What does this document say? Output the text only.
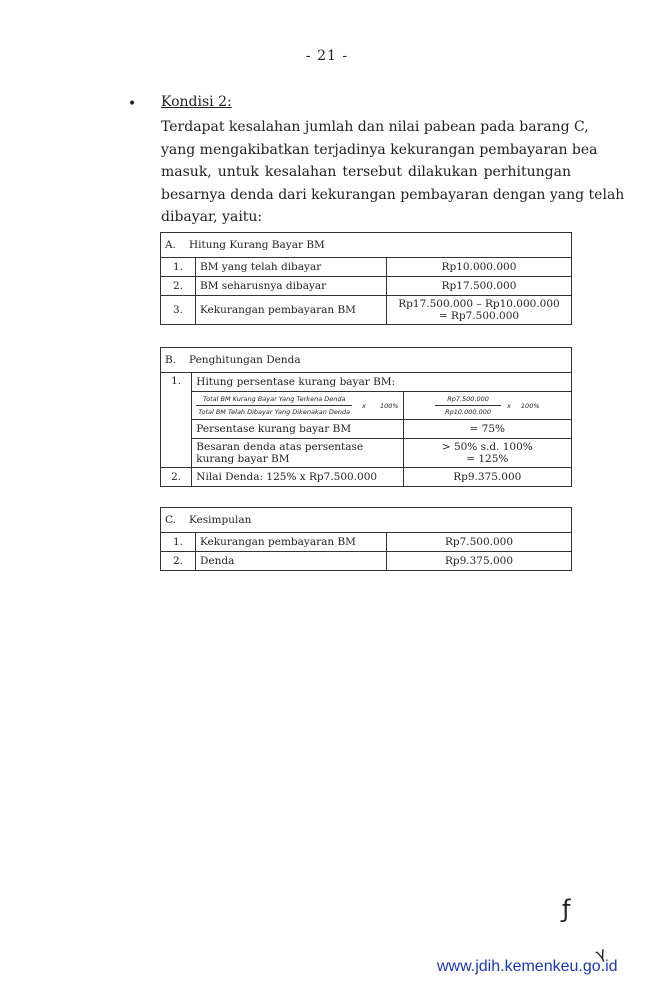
- 21 -
• Kondisi 2:
Terdapat kesalahan jumlah dan nilai pabean pada barang C,
yang mengakibatkan terjadinya kekurangan pembayaran bea
masuk, untuk kesalahan tersebut dilakukan perhitungan
besarnya denda dari kekurangan pembayaran dengan yang telah
dibayar, yaitu:
A. Hitung Kurang Bayar BM		
1.	BM yang telah dibayar	Rp10.000.000
2.	BM seharusnya dibayar	Rp17.500.000
3.	Kekurangan pembayaran BM	Rp17.500.000 – Rp10.000.000
= Rp7.500.000
B. Penghitungan Denda		
1.	Hitung persentase kurang bayar BM:	

	$\frac{\text{Total BM Kurang Bayar Yang Terkena Denda}}{\text{Total BM Telah Dibayar Yang Dikenakan Denda}}$ x 100%	$\frac{Rp7.500.000}{Rp10.000.000}$ x 100%

	Persentase kurang bayar BM	= 75%
	Besaran denda atas persentase kurang bayar BM	> 50% s.d. 100%
= 125%

2.	Nilai Denda: 125% x Rp7.500.000	Rp9.375.000
C. Kesimpulan		
1.	Kekurangan pembayaran BM	Rp7.500.000
2.	Denda	Rp9.375.000
ƒ
γ
www.jdih.kemenkeu.go.id
